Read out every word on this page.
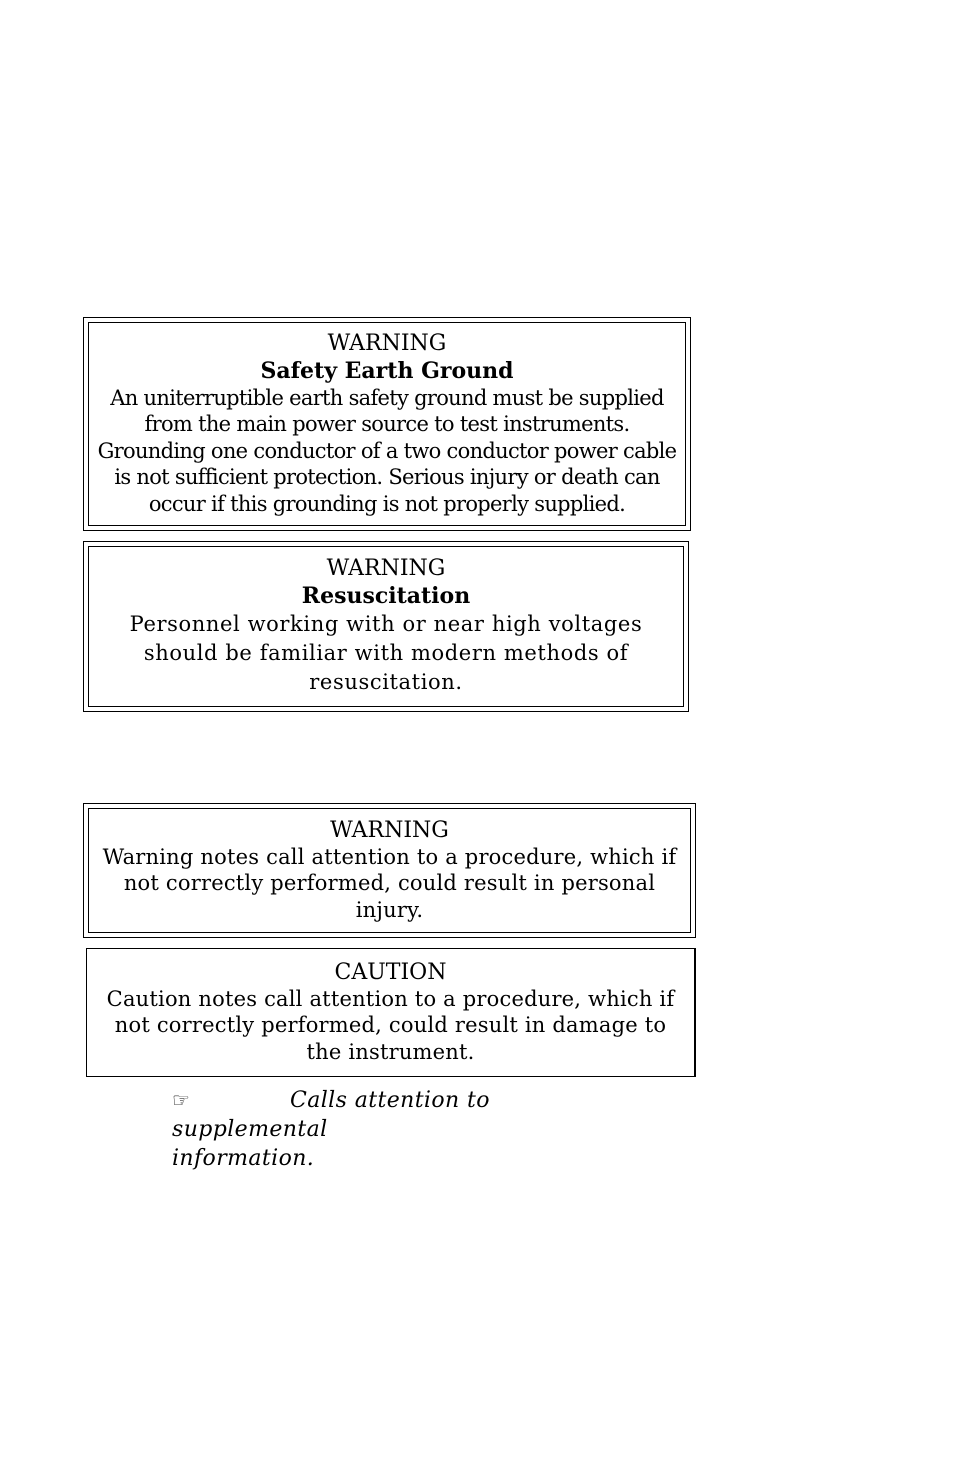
WARNING
Safety Earth Ground
An uniterruptible earth safety ground must be supplied
from the main power source to test instruments.
Grounding one conductor of a two conductor power cable
is not sufficient protection. Serious injury or death can
occur if this grounding is not properly supplied.
WARNING
Resuscitation
Personnel working with or near high voltages
should be familiar with modern methods of
resuscitation.
WARNING
Warning notes call attention to a procedure, which if
not correctly performed, could result in personal
injury.
CAUTION
Caution notes call attention to a procedure, which if
not correctly performed, could result in damage to
the instrument.
☞	Calls attention to supplemental
information.
